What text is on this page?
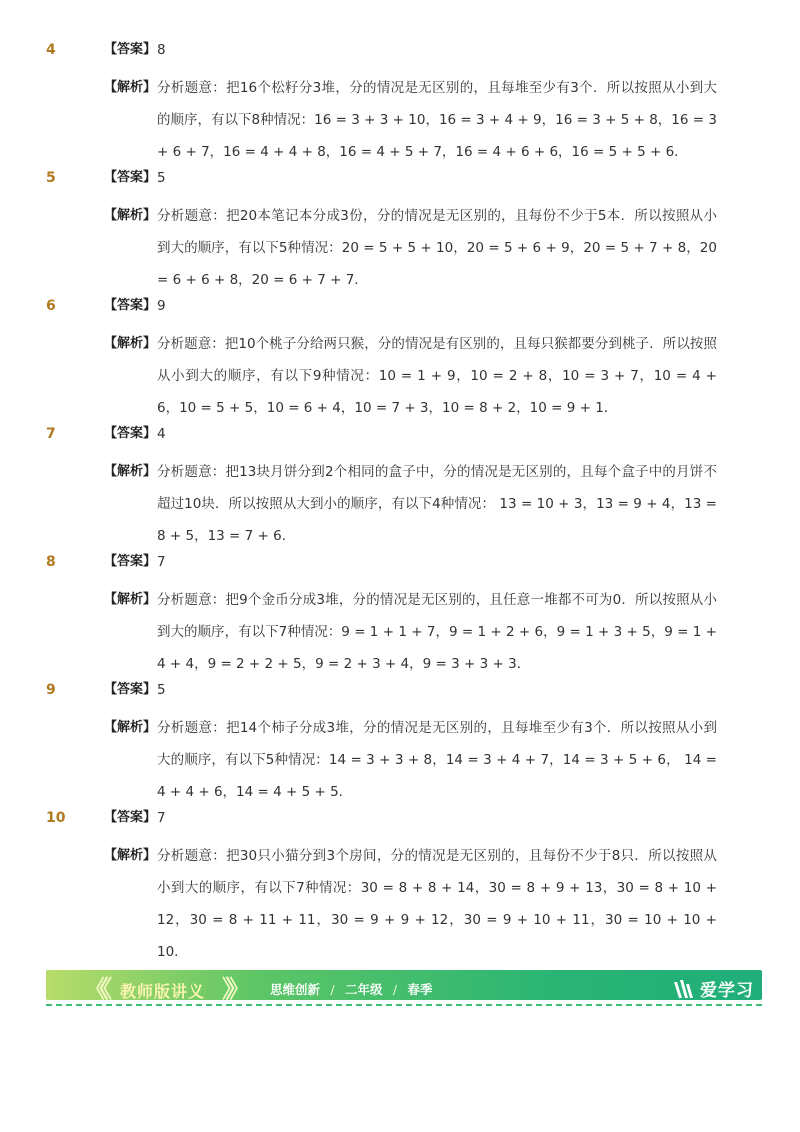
4	【答案】 8
【解析】 分析题意：把16个松籽分3堆，分的情况是无区别的，且每堆至少有3个．所以按照从小到大的顺序，有以下8种情况：16 = 3 + 3 + 10，16 = 3 + 4 + 9，16 = 3 + 5 + 8，16 = 3 + 6 + 7，16 = 4 + 4 + 8，16 = 4 + 5 + 7，16 = 4 + 6 + 6，16 = 5 + 5 + 6．
5	【答案】 5
【解析】 分析题意：把20本笔记本分成3份，分的情况是无区别的，且每份不少于5本．所以按照从小到大的顺序，有以下5种情况：20 = 5 + 5 + 10，20 = 5 + 6 + 9，20 = 5 + 7 + 8，20 = 6 + 6 + 8，20 = 6 + 7 + 7．
6	【答案】 9
【解析】 分析题意：把10个桃子分给两只猴，分的情况是有区别的，且每只猴都要分到桃子．所以按照从小到大的顺序，有以下9种情况：10 = 1 + 9，10 = 2 + 8，10 = 3 + 7，10 = 4 + 6，10 = 5 + 5，10 = 6 + 4，10 = 7 + 3，10 = 8 + 2，10 = 9 + 1．
7	【答案】 4
【解析】 分析题意：把13块月饼分到2个相同的盒子中，分的情况是无区别的，且每个盒子中的月饼不超过10块．所以按照从大到小的顺序，有以下4种情况： 13 = 10 + 3，13 = 9 + 4，13 = 8 + 5，13 = 7 + 6．
8	【答案】 7
【解析】 分析题意：把9个金币分成3堆，分的情况是无区别的，且任意一堆都不可为0．所以按照从小到大的顺序，有以下7种情况：9 = 1 + 1 + 7，9 = 1 + 2 + 6，9 = 1 + 3 + 5，9 = 1 + 4 + 4，9 = 2 + 2 + 5，9 = 2 + 3 + 4，9 = 3 + 3 + 3．
9	【答案】 5
【解析】 分析题意：把14个柿子分成3堆，分的情况是无区别的，且每堆至少有3个．所以按照从小到大的顺序，有以下5种情况：14 = 3 + 3 + 8，14 = 3 + 4 + 7，14 = 3 + 5 + 6， 14 = 4 + 4 + 6，14 = 4 + 5 + 5．
10	【答案】 7
【解析】 分析题意：把30只小猫分到3个房间，分的情况是无区别的，且每份不少于8只．所以按照从小到大的顺序，有以下7种情况：30 = 8 + 8 + 14，30 = 8 + 9 + 13，30 = 8 + 10 + 12，30 = 8 + 11 + 11，30 = 9 + 9 + 12，30 = 9 + 10 + 11，30 = 10 + 10 + 10．
《《 教师版讲义 》》 思维创新 / 二年级 / 春季	爱学习
